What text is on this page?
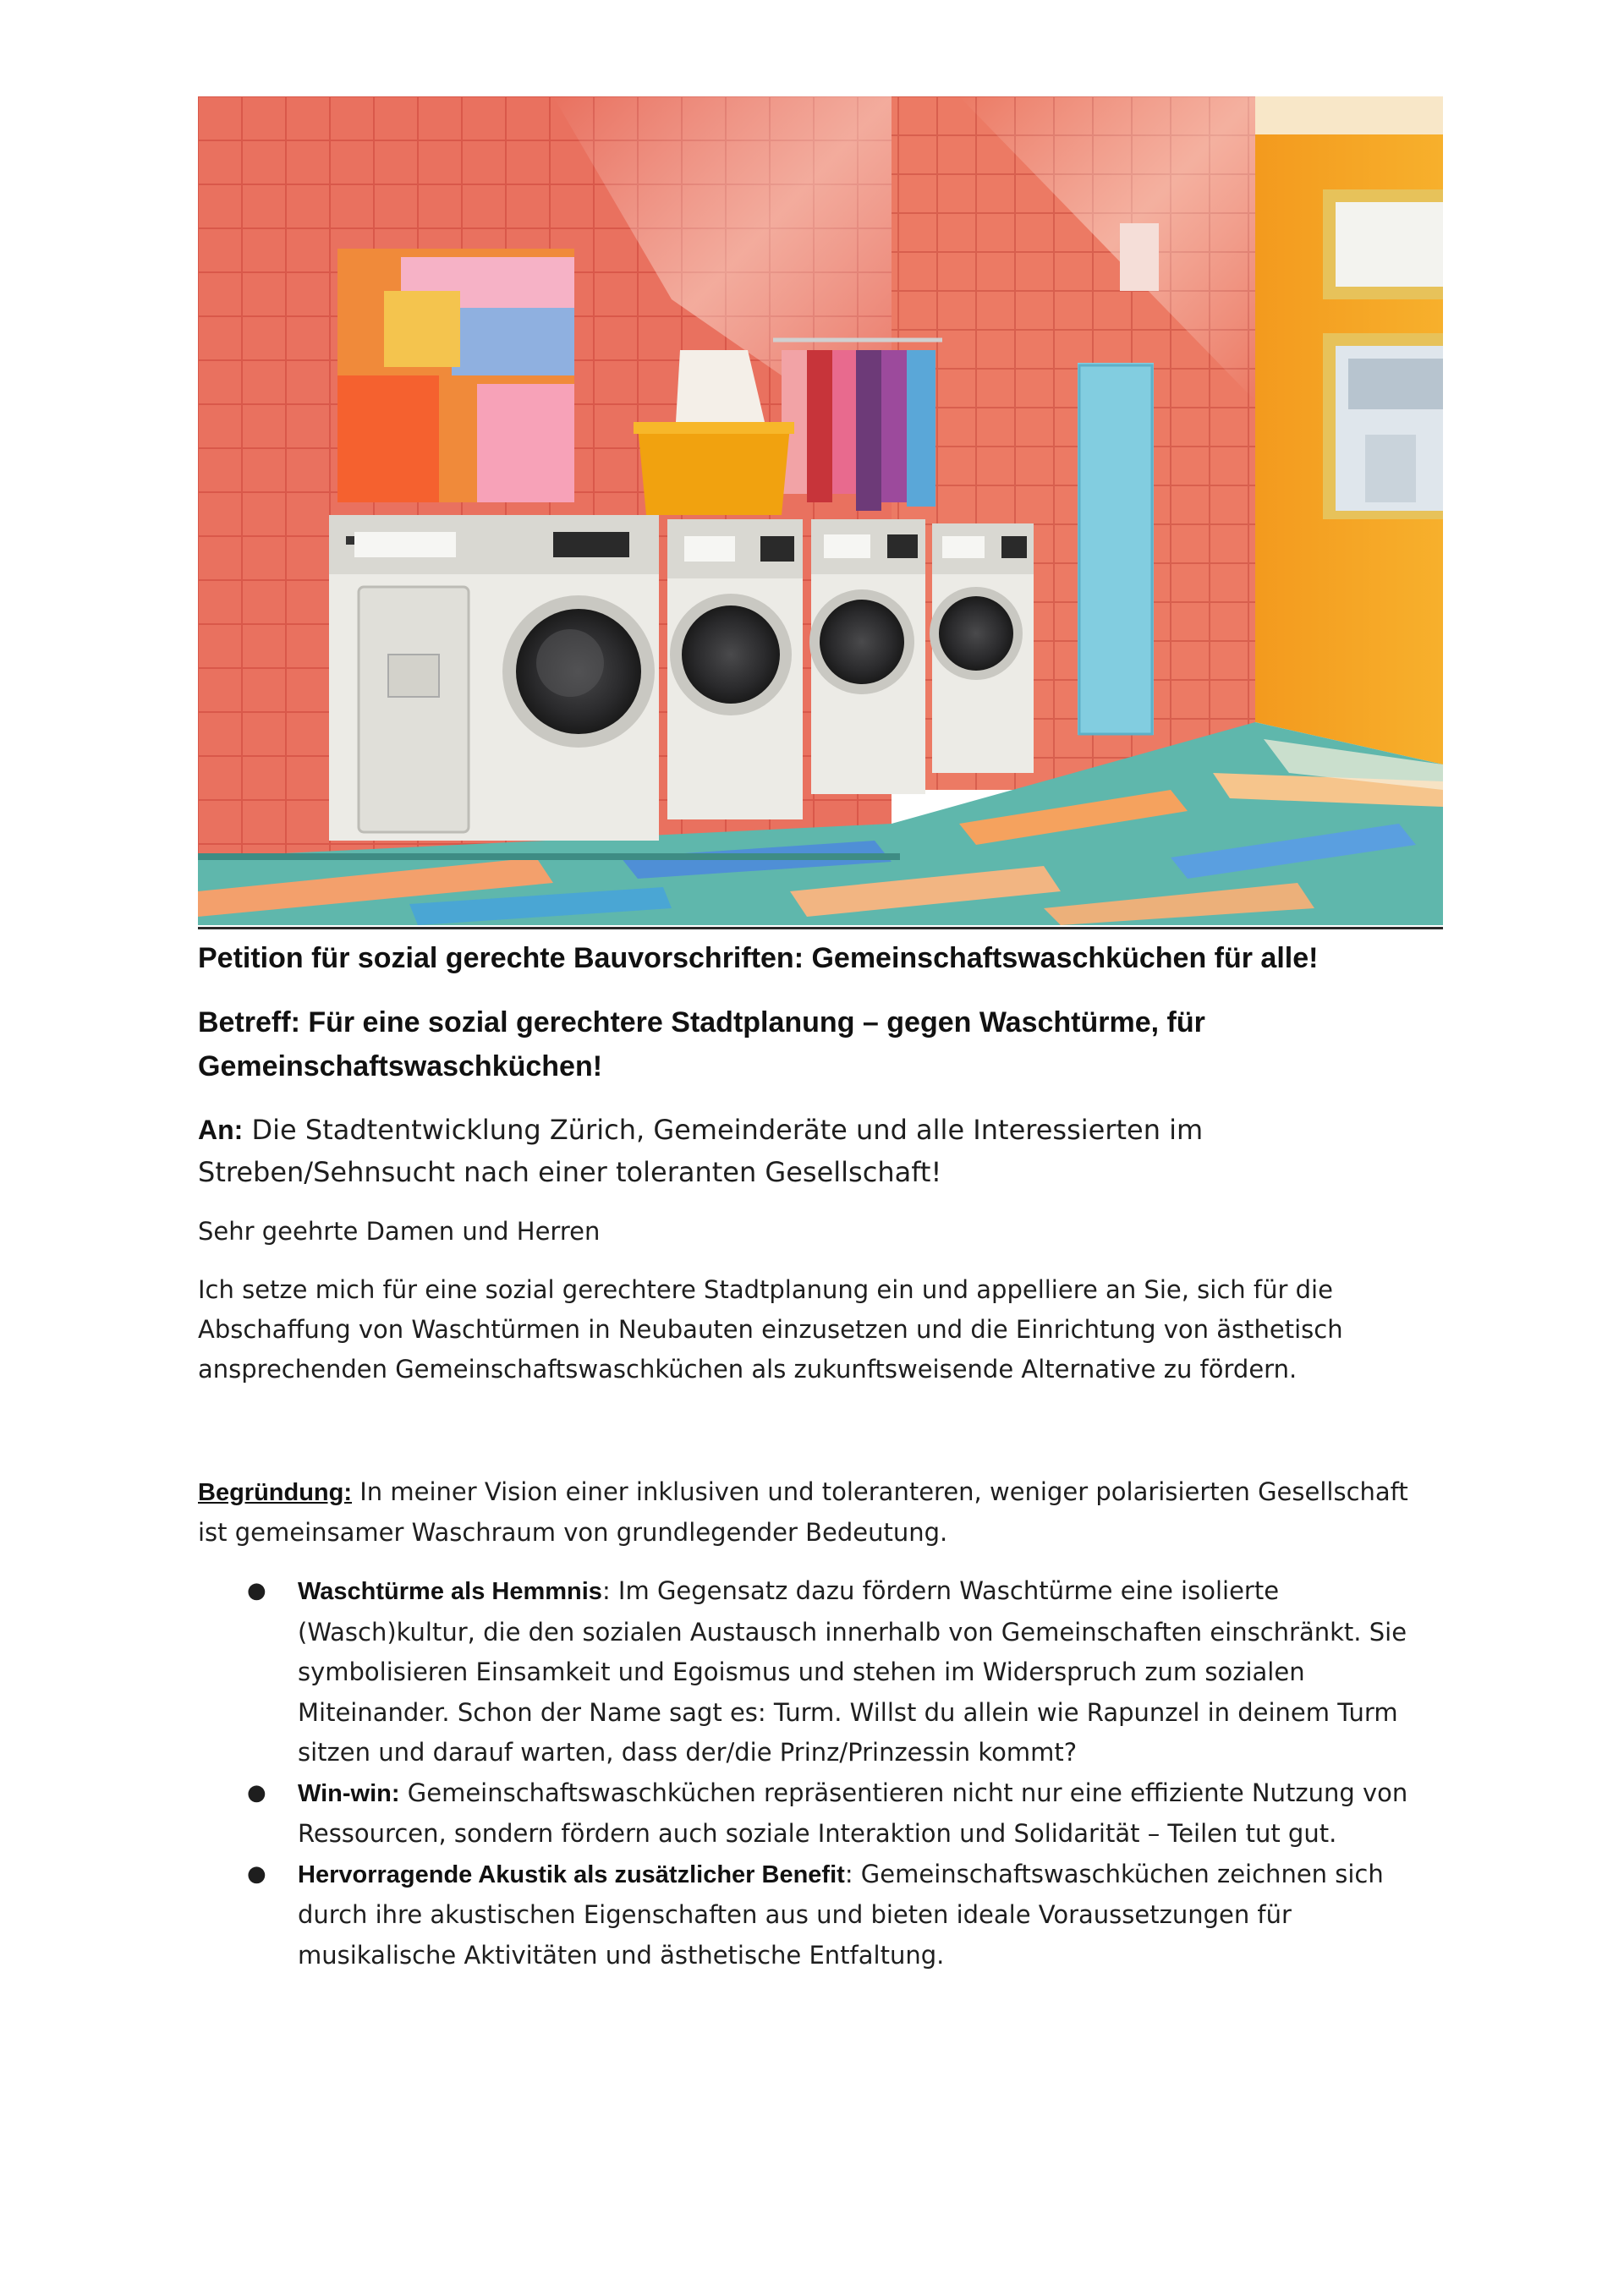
Petition für sozial gerechte Bauvorschriften: Gemeinschaftswaschküchen für alle!
Betreff: Für eine sozial gerechtere Stadtplanung – gegen Waschtürme, für Gemeinschaftswaschküchen!

An: Die Stadtentwicklung Zürich, Gemeinderäte und alle Interessierten im Streben/Sehnsucht nach einer toleranten Gesellschaft!

Sehr geehrte Damen und Herren

Ich setze mich für eine sozial gerechtere Stadtplanung ein und appelliere an Sie, sich für die Abschaffung von Waschtürmen in Neubauten einzusetzen und die Einrichtung von ästhetisch ansprechenden Gemeinschaftswaschküchen als zukunftsweisende Alternative zu fördern.

Begründung: In meiner Vision einer inklusiven und toleranteren, weniger polarisierten Gesellschaft ist gemeinsamer Waschraum von grundlegender Bedeutung.

● Waschtürme als Hemmnis: Im Gegensatz dazu fördern Waschtürme eine isolierte (Wasch)kultur, die den sozialen Austausch innerhalb von Gemeinschaften einschränkt. Sie symbolisieren Einsamkeit und Egoismus und stehen im Widerspruch zum sozialen Miteinander. Schon der Name sagt es: Turm. Willst du allein wie Rapunzel in deinem Turm sitzen und darauf warten, dass der/die Prinz/Prinzessin kommt?
● Win-win: Gemeinschaftswaschküchen repräsentieren nicht nur eine effiziente Nutzung von Ressourcen, sondern fördern auch soziale Interaktion und Solidarität – Teilen tut gut.
● Hervorragende Akustik als zusätzlicher Benefit: Gemeinschaftswaschküchen zeichnen sich durch ihre akustischen Eigenschaften aus und bieten ideale Voraussetzungen für musikalische Aktivitäten und ästhetische Entfaltung.
